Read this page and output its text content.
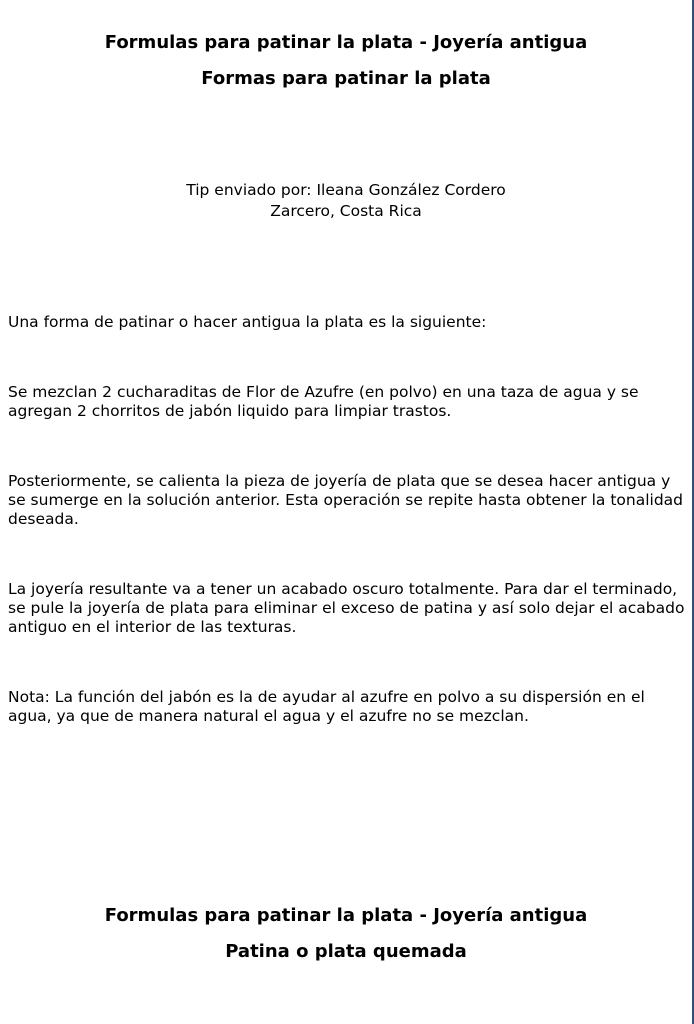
Formulas para patinar la plata - Joyería antigua
Formas para patinar la plata
Tip enviado por: Ileana González Cordero
Zarcero, Costa Rica

Una forma de patinar o hacer antigua la plata es la siguiente:

Se mezclan 2 cucharaditas de Flor de Azufre (en polvo) en una taza de agua y se agregan 2 chorritos de jabón liquido para limpiar trastos.

Posteriormente, se calienta la pieza de joyería de plata que se desea hacer antigua y se sumerge en la solución anterior. Esta operación se repite hasta obtener la tonalidad deseada.

La joyería resultante va a tener un acabado oscuro totalmente. Para dar el terminado, se pule la joyería de plata para eliminar el exceso de patina y así solo dejar el acabado antiguo en el interior de las texturas.

Nota: La función del jabón es la de ayudar al azufre en polvo a su dispersión en el agua, ya que de manera natural el agua y el azufre no se mezclan.

Formulas para patinar la plata - Joyería antigua
Patina o plata quemada
